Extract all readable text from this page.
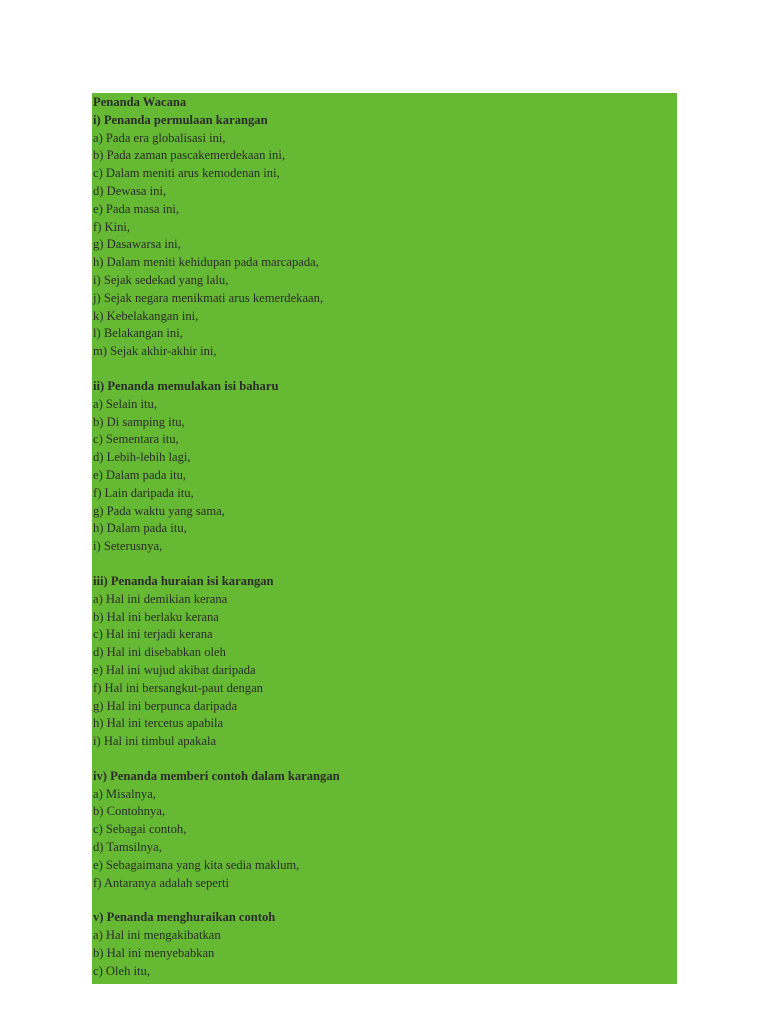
Penanda Wacana
i) Penanda permulaan karangan
a) Pada era globalisasi ini,
b) Pada zaman pascakemerdekaan ini,
c) Dalam meniti arus kemodenan ini,
d) Dewasa ini,
e) Pada masa ini,
f) Kini,
g) Dasawarsa ini,
h) Dalam meniti kehidupan pada marcapada,
i) Sejak sedekad yang lalu,
j) Sejak negara menikmati arus kemerdekaan,
k) Kebelakangan ini,
l) Belakangan ini,
m) Sejak akhir-akhir ini,
ii) Penanda memulakan isi baharu
a) Selain itu,
b) Di samping itu,
c) Sementara itu,
d) Lebih-lebih lagi,
e) Dalam pada itu,
f) Lain daripada itu,
g) Pada waktu yang sama,
h) Dalam pada itu,
i) Seterusnya,
iii) Penanda huraian isi karangan
a) Hal ini demikian kerana
b) Hal ini berlaku kerana
c) Hal ini terjadi kerana
d) Hal ini disebabkan oleh
e) Hal ini wujud akibat daripada
f) Hal ini bersangkut-paut dengan
g) Hal ini berpunca daripada
h) Hal ini tercetus apabila
i) Hal ini timbul apakala
iv) Penanda memberi contoh dalam karangan
a) Misalnya,
b) Contohnya,
c) Sebagai contoh,
d) Tamsilnya,
e) Sebagaimana yang kita sedia maklum,
f) Antaranya adalah seperti
v) Penanda menghuraikan contoh
a) Hal ini mengakibatkan
b) Hal ini menyebabkan
c) Oleh itu,
